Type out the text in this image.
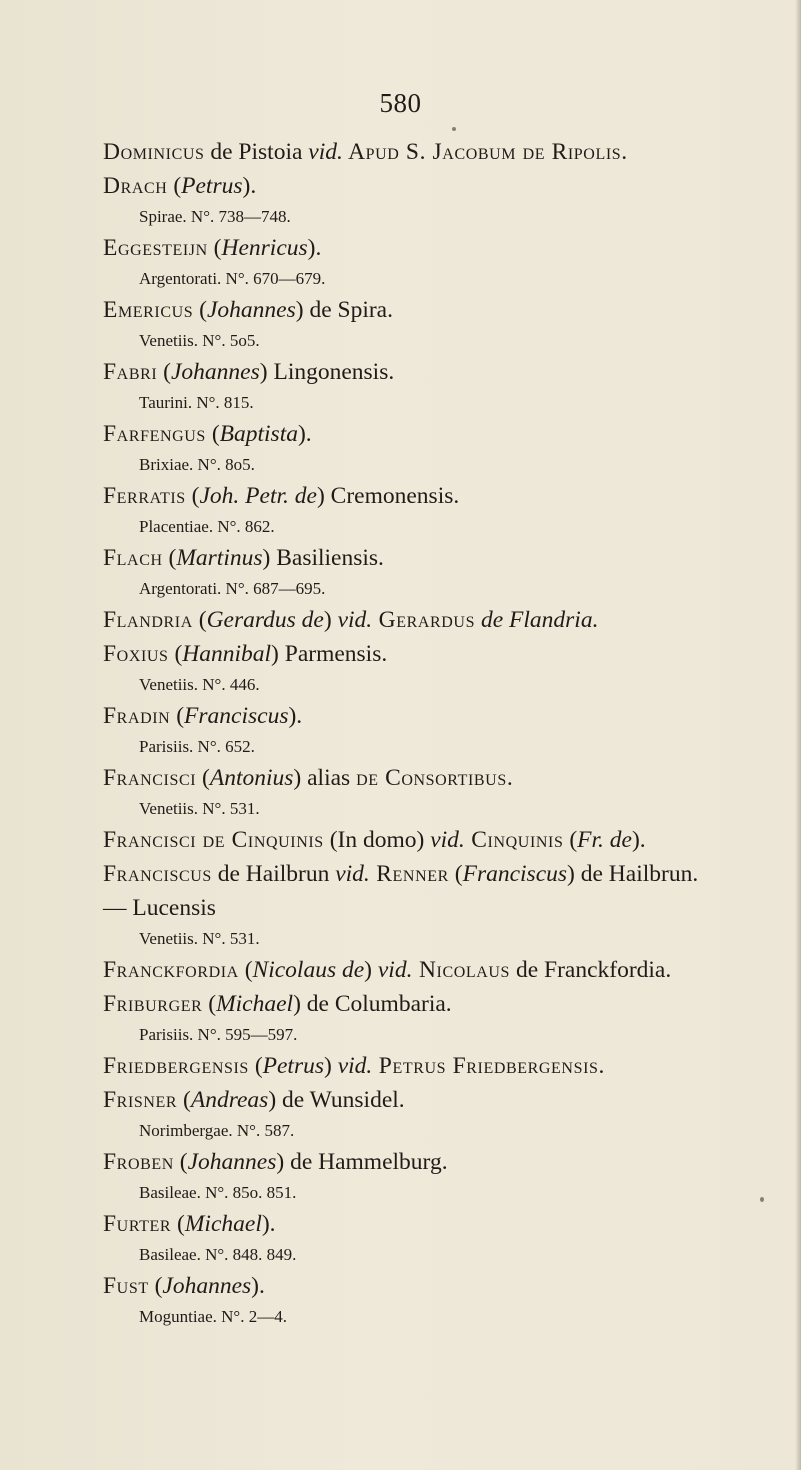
580

Dominicus de Pistoia vid. Apud S. Jacobum de Ripolis.

Drach (Petrus).

Spirae. N°. 738—748.

Eggesteijn (Henricus).

Argentorati. N°. 670—679.

Emericus (Johannes) de Spira.

Venetiis. N°. 5o5.

Fabri (Johannes) Lingonensis.

Taurini. N°. 815.

Farfengus (Baptista).

Brixiae. N°. 8o5.

Ferratis (Joh. Petr. de) Cremonensis.

Placentiae. N°. 862.

Flach (Martinus) Basiliensis.

Argentorati. N°. 687—695.

Flandria (Gerardus de) vid. Gerardus de Flandria.

Foxius (Hannibal) Parmensis.

Venetiis. N°. 446.

Fradin (Franciscus).

Parisiis. N°. 652.

Francisci (Antonius) alias de Consortibus.

Venetiis. N°. 531.

Francisci de Cinquinis (In domo) vid. Cinquinis (Fr. de).

Franciscus de Hailbrun vid. Renner (Franciscus) de Hailbrun.

— Lucensis

Venetiis. N°. 531.

Franckfordia (Nicolaus de) vid. Nicolaus de Franckfordia.

Friburger (Michael) de Columbaria.

Parisiis. N°. 595—597.

Friedbergensis (Petrus) vid. Petrus Friedbergensis.

Frisner (Andreas) de Wunsidel.

Norimbergae. N°. 587.

Froben (Johannes) de Hammelburg.

Basileae. N°. 85o. 851.

Furter (Michael).

Basileae. N°. 848. 849.

Fust (Johannes).

Moguntiae. N°. 2—4.
